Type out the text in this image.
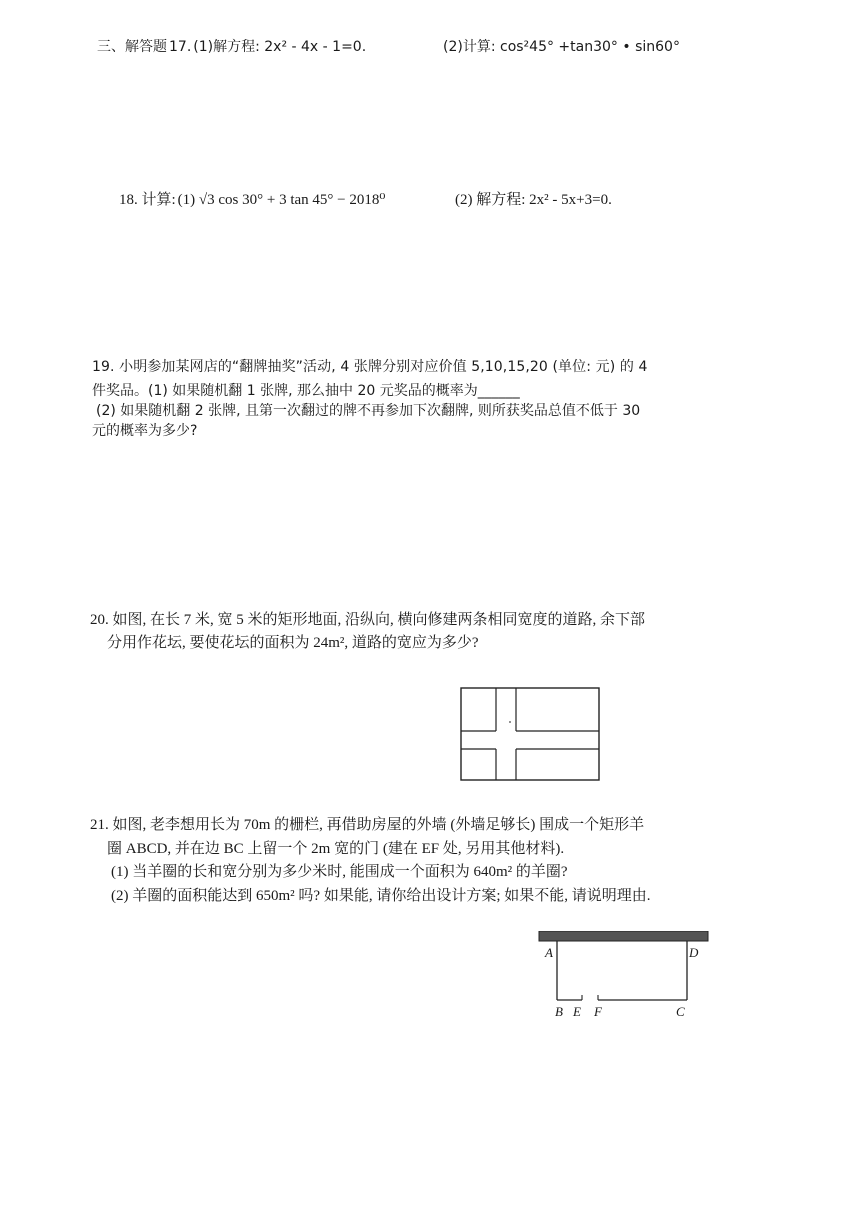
三、解答题 17. (1)解方程: 2x² - 4x - 1=0.	(2)计算: cos²45° +tan30° • sin60°
18. 计算: (1) √3 cos 30° + 3 tan 45° − 2018⁰	(2) 解方程: 2x² - 5x+3=0.
19. 小明参加某网店的“翻牌抽奖”活动, 4 张牌分别对应价值 5,10,15,20 (单位: 元) 的 4
件奖品。(1) 如果随机翻 1 张牌, 那么抽中 20 元奖品的概率为______
(2) 如果随机翻 2 张牌, 且第一次翻过的牌不再参加下次翻牌, 则所获奖品总值不低于 30
元的概率为多少?
20. 如图, 在长 7 米, 宽 5 米的矩形地面, 沿纵向, 横向修建两条相同宽度的道路, 余下部
分用作花坛, 要使花坛的面积为 24m², 道路的宽应为多少?
21. 如图, 老李想用长为 70m 的栅栏, 再借助房屋的外墙 (外墙足够长) 围成一个矩形羊
圈 ABCD, 并在边 BC 上留一个 2m 宽的门 (建在 EF 处, 另用其他材料).
(1) 当羊圈的长和宽分别为多少米时, 能围成一个面积为 640m² 的羊圈?
(2) 羊圈的面积能达到 650m² 吗? 如果能, 请你给出设计方案; 如果不能, 请说明理由.
A	D
B E F	C
